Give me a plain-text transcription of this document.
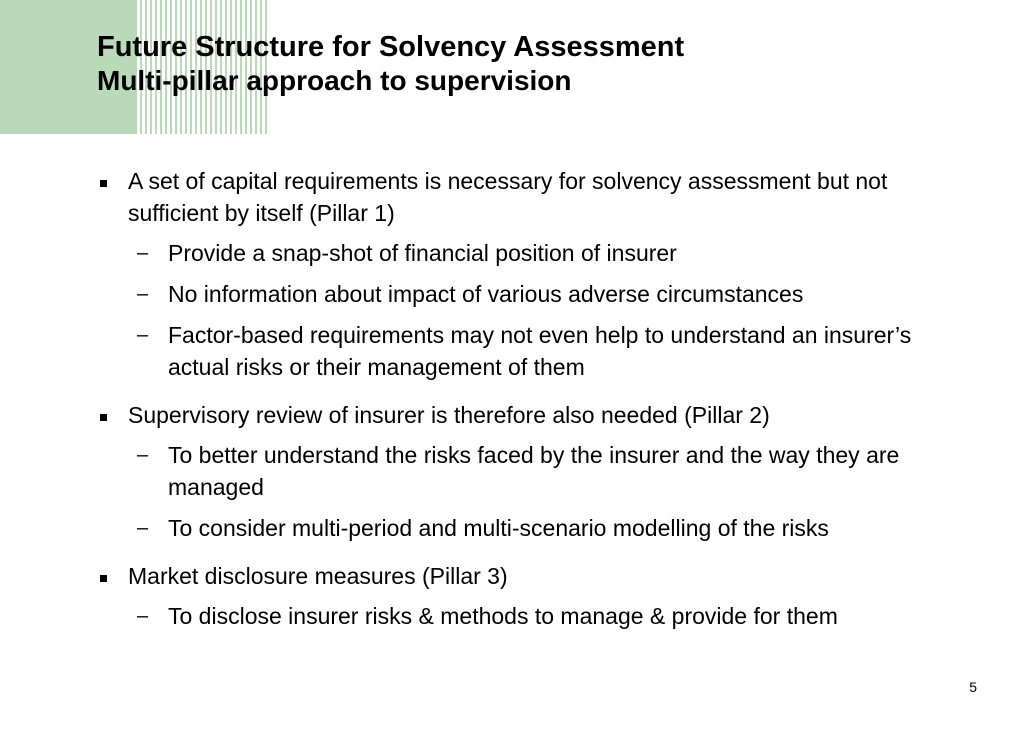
Future Structure for Solvency Assessment
Multi-pillar approach to supervision
A set of capital requirements is necessary for solvency assessment but not sufficient by itself (Pillar 1)
– Provide a snap-shot of financial position of insurer
– No information about impact of various adverse circumstances
– Factor-based requirements may not even help to understand an insurer’s actual risks or their management of them
Supervisory review of insurer is therefore also needed (Pillar 2)
– To better understand the risks faced by the insurer and the way they are managed
– To consider multi-period and multi-scenario modelling of the risks
Market disclosure measures (Pillar 3)
– To disclose insurer risks & methods to manage & provide for them
5
